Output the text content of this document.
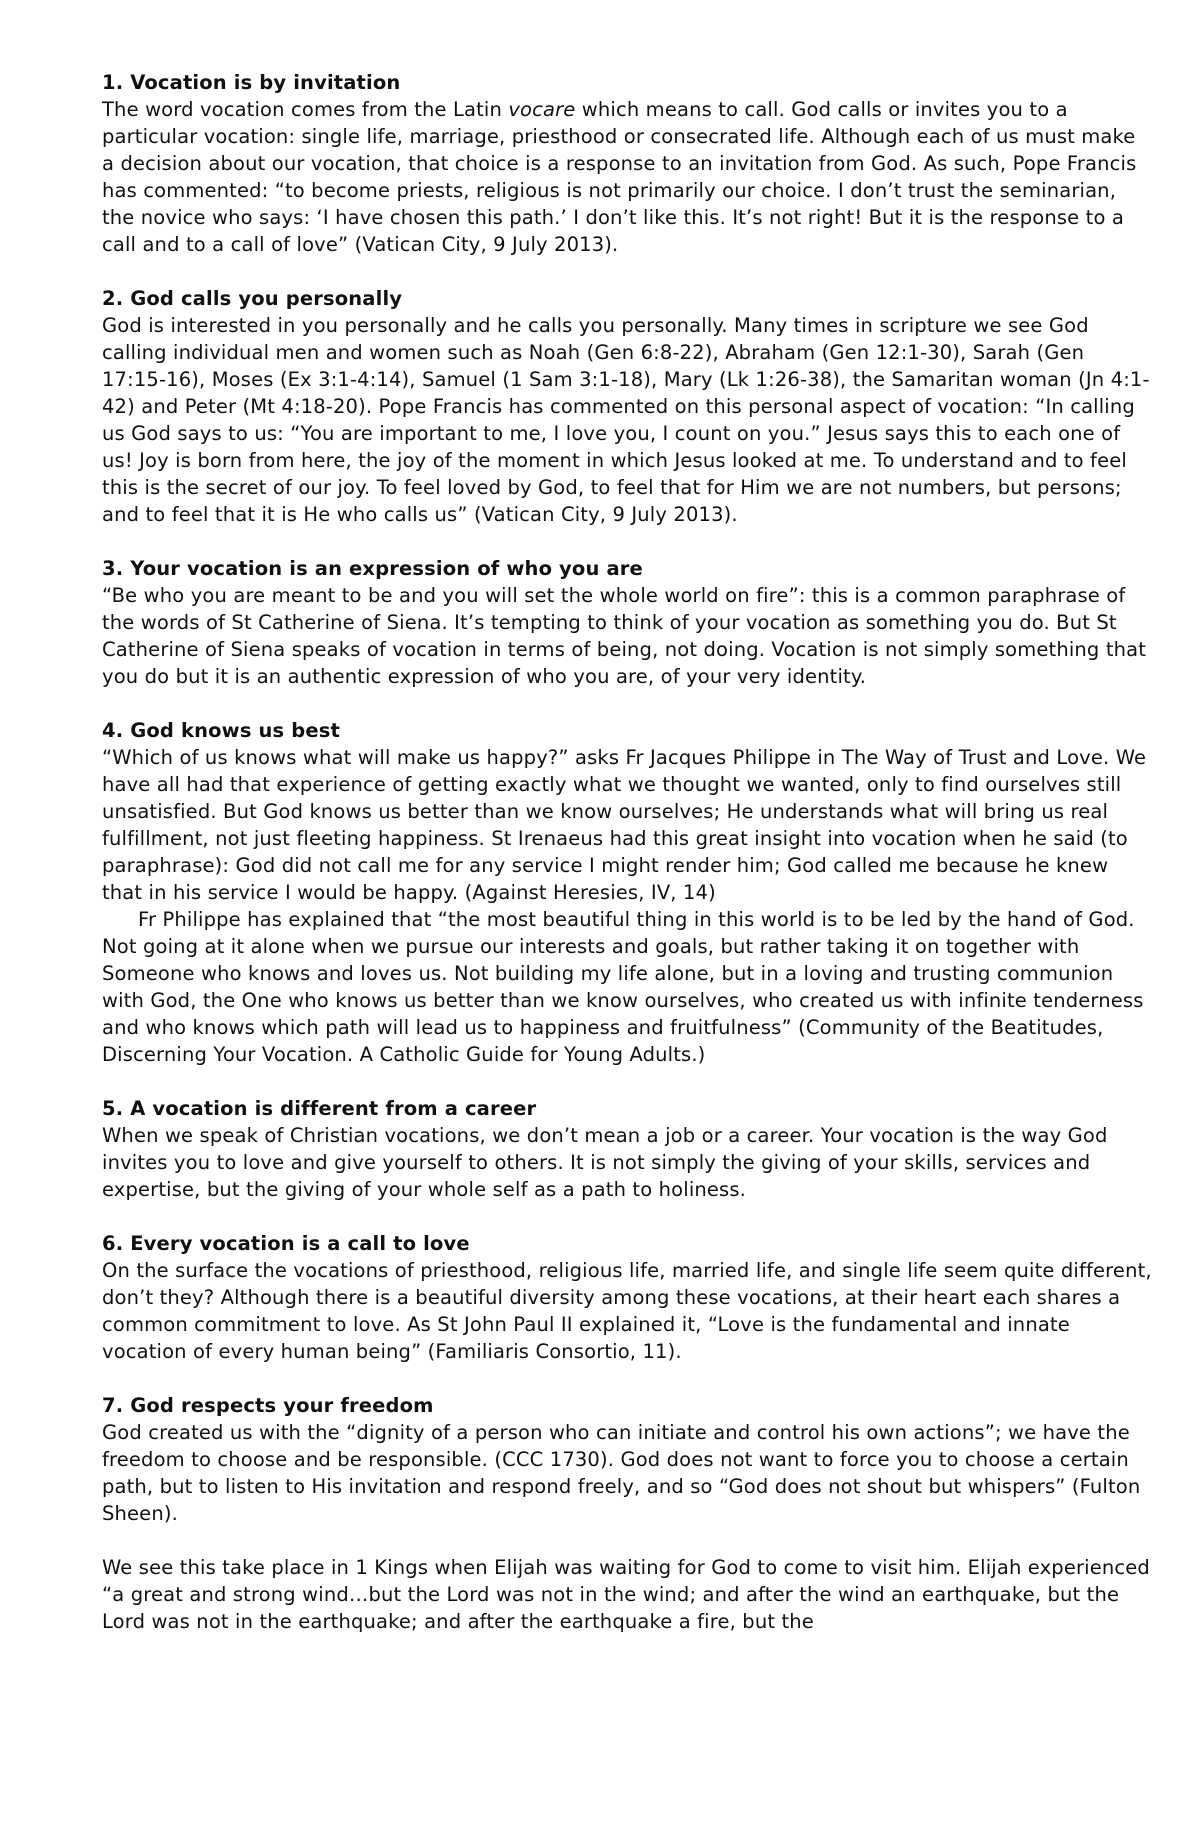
1. Vocation is by invitation

The word vocation comes from the Latin vocare which means to call. God calls or invites you to a particular vocation: single life, marriage, priesthood or consecrated life. Although each of us must make a decision about our vocation, that choice is a response to an invitation from God. As such, Pope Francis has commented: “to become priests, religious is not primarily our choice. I don’t trust the seminarian, the novice who says: ‘I have chosen this path.’ I don’t like this. It’s not right! But it is the response to a call and to a call of love” (Vatican City, 9 July 2013).

2. God calls you personally

God is interested in you personally and he calls you personally. Many times in scripture we see God calling individual men and women such as Noah (Gen 6:8-22), Abraham (Gen 12:1-30), Sarah (Gen 17:15-16), Moses (Ex 3:1-4:14), Samuel (1 Sam 3:1-18), Mary (Lk 1:26-38), the Samaritan woman (Jn 4:1-42) and Peter (Mt 4:18-20). Pope Francis has commented on this personal aspect of vocation: “In calling us God says to us: “You are important to me, I love you, I count on you.” Jesus says this to each one of us! Joy is born from here, the joy of the moment in which Jesus looked at me. To understand and to feel this is the secret of our joy. To feel loved by God, to feel that for Him we are not numbers, but persons; and to feel that it is He who calls us” (Vatican City, 9 July 2013).

3. Your vocation is an expression of who you are

“Be who you are meant to be and you will set the whole world on fire”: this is a common paraphrase of the words of St Catherine of Siena. It’s tempting to think of your vocation as something you do. But St Catherine of Siena speaks of vocation in terms of being, not doing. Vocation is not simply something that you do but it is an authentic expression of who you are, of your very identity.

4. God knows us best

“Which of us knows what will make us happy?” asks Fr Jacques Philippe in The Way of Trust and Love. We have all had that experience of getting exactly what we thought we wanted, only to find ourselves still unsatisfied. But God knows us better than we know ourselves; He understands what will bring us real fulfillment, not just fleeting happiness. St Irenaeus had this great insight into vocation when he said (to paraphrase): God did not call me for any service I might render him; God called me because he knew that in his service I would be happy. (Against Heresies, IV, 14)

Fr Philippe has explained that “the most beautiful thing in this world is to be led by the hand of God. Not going at it alone when we pursue our interests and goals, but rather taking it on together with Someone who knows and loves us. Not building my life alone, but in a loving and trusting communion with God, the One who knows us better than we know ourselves, who created us with infinite tenderness and who knows which path will lead us to happiness and fruitfulness” (Community of the Beatitudes, Discerning Your Vocation. A Catholic Guide for Young Adults.)

5. A vocation is different from a career

When we speak of Christian vocations, we don’t mean a job or a career. Your vocation is the way God invites you to love and give yourself to others. It is not simply the giving of your skills, services and expertise, but the giving of your whole self as a path to holiness.

6. Every vocation is a call to love

On the surface the vocations of priesthood, religious life, married life, and single life seem quite different, don’t they? Although there is a beautiful diversity among these vocations, at their heart each shares a common commitment to love. As St John Paul II explained it, “Love is the fundamental and innate vocation of every human being” (Familiaris Consortio, 11).

7. God respects your freedom

God created us with the “dignity of a person who can initiate and control his own actions”; we have the freedom to choose and be responsible. (CCC 1730). God does not want to force you to choose a certain path, but to listen to His invitation and respond freely, and so “God does not shout but whispers” (Fulton Sheen).

We see this take place in 1 Kings when Elijah was waiting for God to come to visit him. Elijah experienced “a great and strong wind…but the Lord was not in the wind; and after the wind an earthquake, but the Lord was not in the earthquake; and after the earthquake a fire, but the
